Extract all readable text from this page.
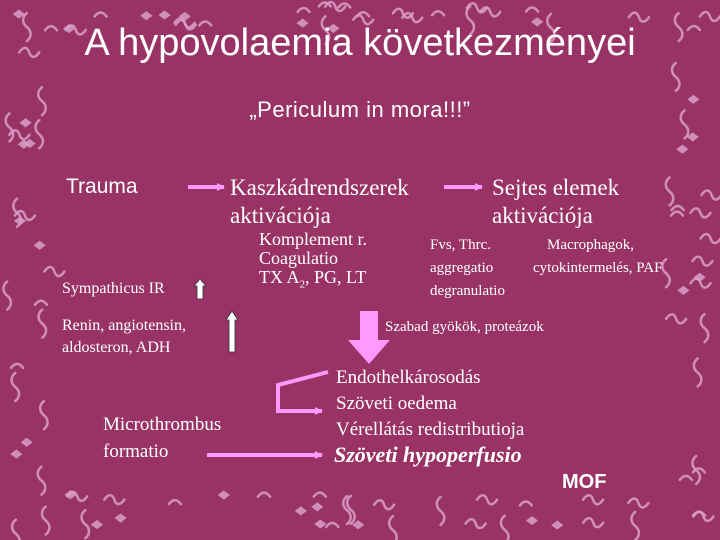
A hypovolaemia következményei
„Periculum in mora!!!”
Trauma	Kaszkádrendszerek
aktivációja
Sejtes elemek
aktivációja
Komplement r.
Coagulatio
TX $A_2$, PG, LT
Fvs, Thrc.
aggregatio
degranulatio
Macrophagok,
cytokintermelés, PAF
Sympathicus IR
Renin, angiotensin,
aldosteron, ADH
Szabad gyökök, proteázok
Endothelkárosodás
Szöveti oedema
Vérellátás redistributioja
Szöveti hypoperfusio
Microthrombus
formatio
MOF
